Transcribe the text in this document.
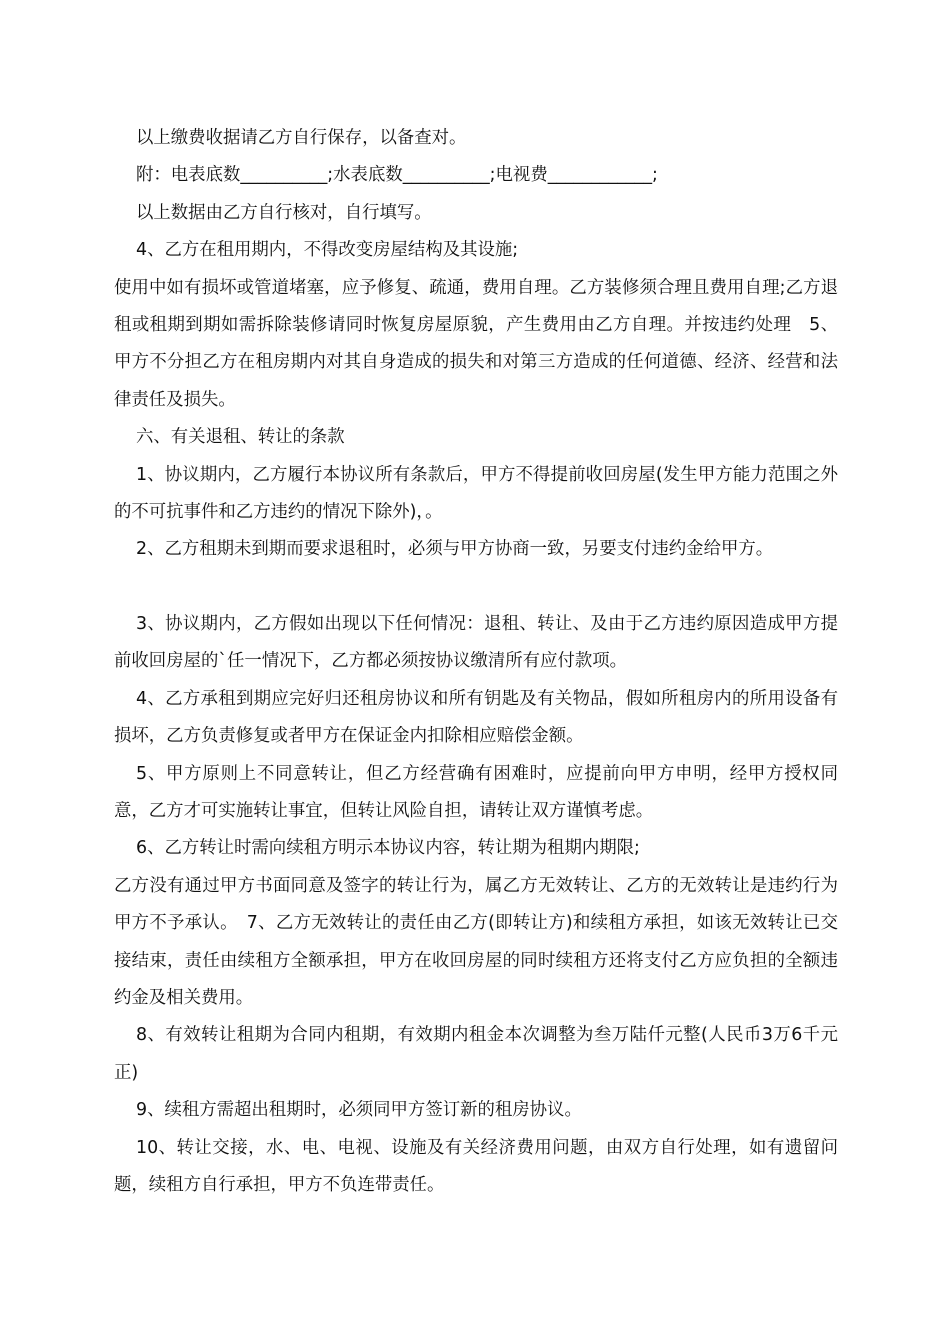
以上缴费收据请乙方自行保存，以备查对。

附：电表底数__________;水表底数__________;电视费____________;

以上数据由乙方自行核对，自行填写。

4、乙方在租用期内，不得改变房屋结构及其设施;

使用中如有损坏或管道堵塞，应予修复、疏通，费用自理。乙方装修须合理且费用自理;乙方退租或租期到期如需拆除装修请同时恢复房屋原貌，产生费用由乙方自理。并按违约处理　5、甲方不分担乙方在租房期内对其自身造成的损失和对第三方造成的任何道德、经济、经营和法律责任及损失。

六、有关退租、转让的条款

1、协议期内，乙方履行本协议所有条款后，甲方不得提前收回房屋(发生甲方能力范围之外的不可抗事件和乙方违约的情况下除外)，。

2、乙方租期未到期而要求退租时，必须与甲方协商一致，另要支付违约金给甲方。

3、协议期内，乙方假如出现以下任何情况：退租、转让、及由于乙方违约原因造成甲方提前收回房屋的`任一情况下，乙方都必须按协议缴清所有应付款项。

4、乙方承租到期应完好归还租房协议和所有钥匙及有关物品，假如所租房内的所用设备有损坏，乙方负责修复或者甲方在保证金内扣除相应赔偿金额。

5、甲方原则上不同意转让，但乙方经营确有困难时，应提前向甲方申明，经甲方授权同意，乙方才可实施转让事宜，但转让风险自担，请转让双方谨慎考虑。

6、乙方转让时需向续租方明示本协议内容，转让期为租期内期限;

乙方没有通过甲方书面同意及签字的转让行为，属乙方无效转让、乙方的无效转让是违约行为甲方不予承认。　7、乙方无效转让的责任由乙方(即转让方)和续租方承担，如该无效转让已交接结束，责任由续租方全额承担，甲方在收回房屋的同时续租方还将支付乙方应负担的全额违约金及相关费用。

8、有效转让租期为合同内租期，有效期内租金本次调整为叁万陆仟元整(人民币3万6千元正)

9、续租方需超出租期时，必须同甲方签订新的租房协议。

10、转让交接，水、电、电视、设施及有关经济费用问题，由双方自行处理，如有遗留问题，续租方自行承担，甲方不负连带责任。
